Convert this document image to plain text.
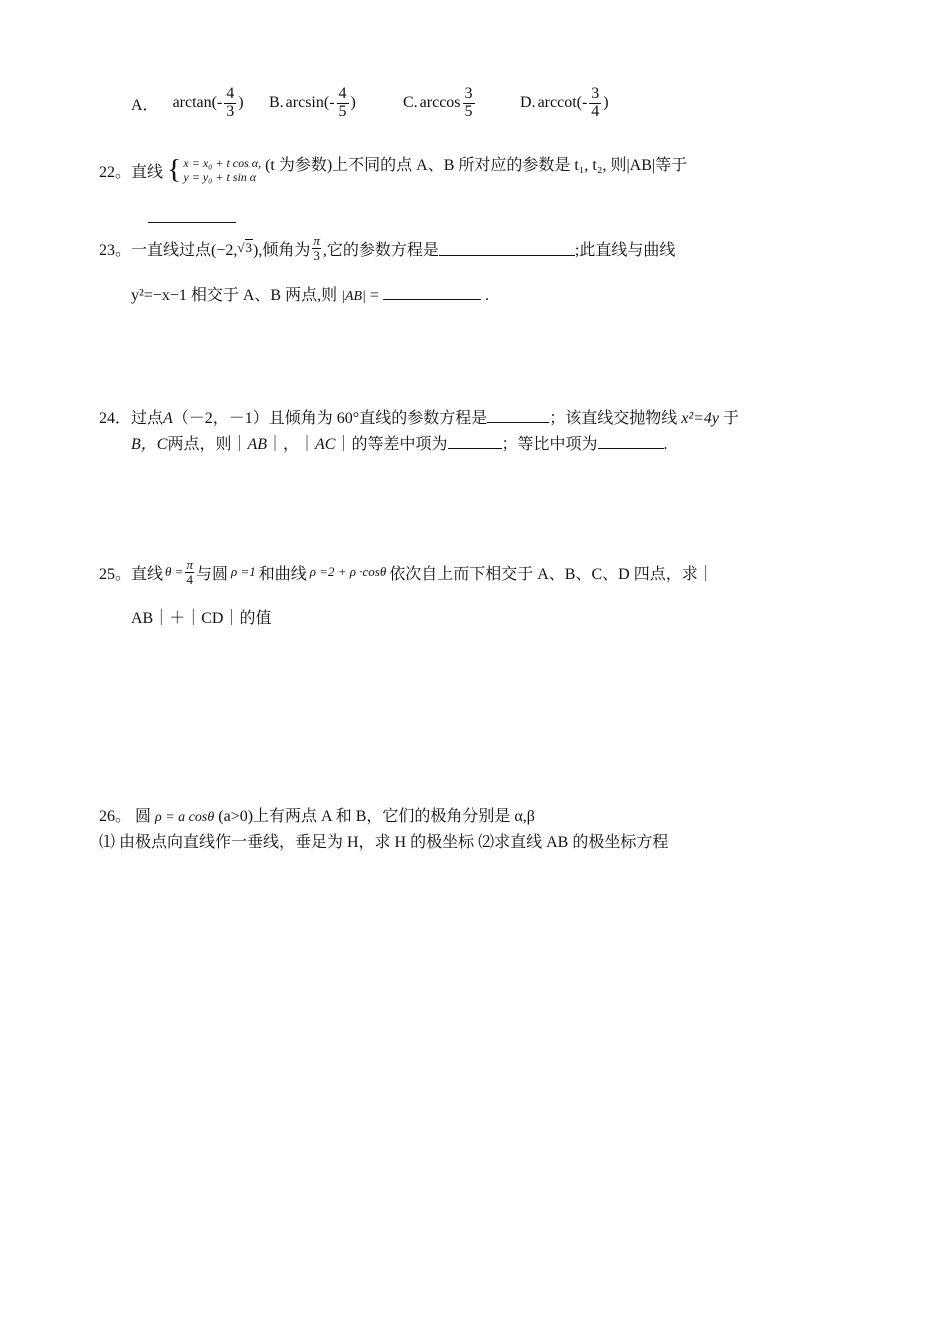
A． $\arctan(- \frac{4}{3}$ ) B. $\arcsin(- \frac{4}{5}$ )	C. $\arccos \frac{3}{5}$	D. $arccot(- \frac{3}{4}$ )
22。直线 { x = x₀ + t cos α,
y = y₀ + t sin α
(t 为参数)上不同的点 A、B 所对应的参数是 t₁, t₂, 则|AB|等于
23。一直线过点(−2, √3 ),倾角为 $\frac{\pi}{3}$ ,它的参数方程是	;此直线与曲线
y²=−x−1 相交于 A、B 两点,则 |AB| =	.
24．过点A（－2，－1）且倾角为 60°直线的参数方程是	；该直线交抛物线 x²=4y 于
B，C两点，则｜AB｜，｜AC｜的等差中项为	；等比中项为	.
25。直线 $\theta = \frac{\pi}{4}$ 与圆 ρ =1 和曲线 ρ =2 + ρ ·cosθ 依次自上而下相交于 A、B、C、D 四点，求｜
AB｜＋｜CD｜的值
26。 圆 ρ = a cosθ (a>0)上有两点 A 和 B，它们的极角分别是 α,β
⑴ 由极点向直线作一垂线，垂足为 H，求 H 的极坐标 ⑵求直线 AB 的极坐标方程
